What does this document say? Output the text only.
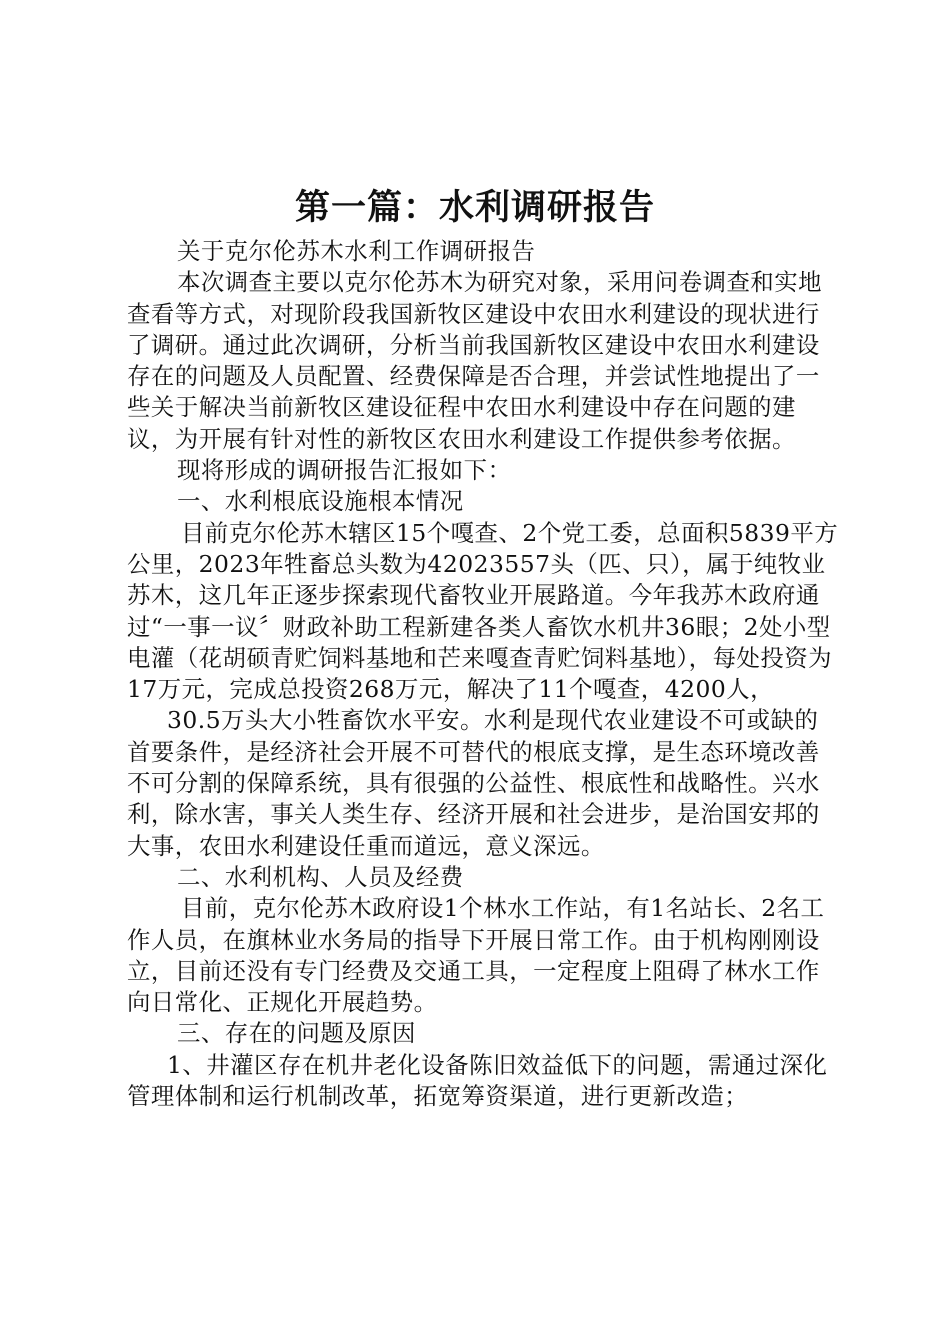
第一篇：水利调研报告

关于克尔伦苏木水利工作调研报告

本次调查主要以克尔伦苏木为研究对象，采用问卷调查和实地查看等方式，对现阶段我国新牧区建设中农田水利建设的现状进行了调研。通过此次调研，分析当前我国新牧区建设中农田水利建设存在的问题及人员配置、经费保障是否合理，并尝试性地提出了一些关于解决当前新牧区建设征程中农田水利建设中存在问题的建议，为开展有针对性的新牧区农田水利建设工作提供参考依据。

现将形成的调研报告汇报如下：

一、水利根底设施根本情况

目前克尔伦苏木辖区15个嘎查、2个党工委，总面积5839平方公里，2023年牲畜总头数为42023557头（匹、只），属于纯牧业苏木，这几年正逐步探索现代畜牧业开展路道。今年我苏木政府通过“一事一议〞财政补助工程新建各类人畜饮水机井36眼；2处小型电灌（花胡硕青贮饲料基地和芒来嘎查青贮饲料基地），每处投资为17万元，完成总投资268万元，解决了11个嘎查，4200人，

30.5万头大小牲畜饮水平安。水利是现代农业建设不可或缺的首要条件，是经济社会开展不可替代的根底支撑，是生态环境改善不可分割的保障系统，具有很强的公益性、根底性和战略性。兴水利，除水害，事关人类生存、经济开展和社会进步，是治国安邦的大事，农田水利建设任重而道远，意义深远。

二、水利机构、人员及经费

目前，克尔伦苏木政府设1个林水工作站，有1名站长、2名工作人员，在旗林业水务局的指导下开展日常工作。由于机构刚刚设立，目前还没有专门经费及交通工具，一定程度上阻碍了林水工作向日常化、正规化开展趋势。

三、存在的问题及原因

1、井灌区存在机井老化设备陈旧效益低下的问题，需通过深化管理体制和运行机制改革，拓宽筹资渠道，进行更新改造；
